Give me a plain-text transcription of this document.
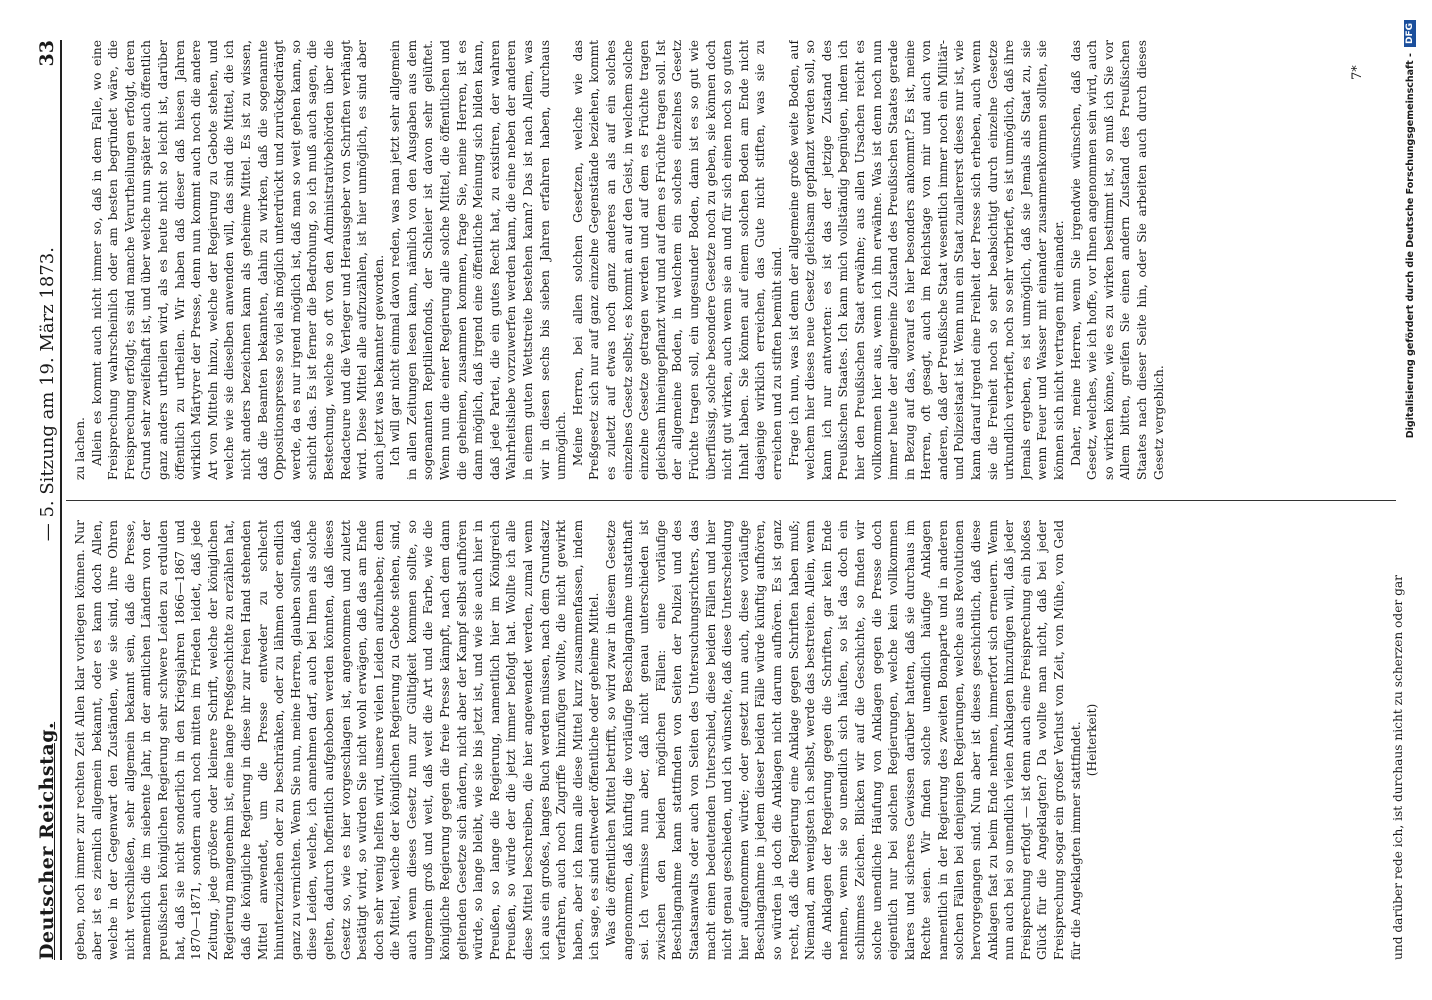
Deutscher Reichstag.
— 5. Sitzung am 19. März 1873.
33

geben, noch immer zur rechten Zeit Allen klar vorliegen können. Nur aber ist es ziemlich allgemein bekannt, oder es kann doch Allen, welche in der Gegenwart den Zuständen, wie sie sind, ihre Ohren nicht verschließen, sehr allgemein bekannt sein, daß die Presse, namentlich die im siebente Jahr, in der amtlichen Ländern von der preußischen königlichen Regierung sehr schwere Leiden zu erdulden hat, daß sie nicht sonderlich in den Kriegsjahren 1866—1867 und 1870—1871, sondern auch noch mitten im Frieden leidet, daß jede Zeitung, jede größere oder kleinere Schrift, welche der königlichen Regierung mangenehm ist, eine lange Preßgeschichte zu erzählen hat, daß die königliche Regierung in diese ihr zur freien Hand stehenden Mittel anwendet, um die Presse entweder zu schlecht hinunterzuziehen oder zu beschränken, oder zu lähmen oder endlich ganz zu vernichten. Wenn Sie nun, meine Herren, glauben sollten, daß diese Leiden, welche, ich annehmen darf, auch bei Ihnen als solche gelten, dadurch hoffentlich aufgehoben werden könnten, daß dieses Gesetz so, wie es hier vorgeschlagen ist, angenommen und zuletzt bestätigt wird, so würden Sie nicht wohl erwägen, daß das am Ende doch sehr wenig helfen wird, unsere vielen Leiden aufzuheben; denn die Mittel, welche der königlichen Regierung zu Gebote stehen, sind, auch wenn dieses Gesetz nun zur Gültigkeit kommen sollte, so ungemein groß und weit, daß weit die Art und die Farbe, wie die königliche Regierung gegen die freie Presse kämpft, nach dem dann geltenden Gesetze sich ändern, nicht aber der Kampf selbst aufhören würde, so lange bleibt, wie sie bis jetzt ist, und wie sie auch hier in Preußen, so lange die Regierung, namentlich hier im Königreich Preußen, so würde der die jetzt immer befolgt hat. Wollte ich alle diese Mittel beschreiben, die hier angewendet werden, zumal wenn ich aus ein großes, langes Buch werden müssen, nach dem Grundsatz verfahren, auch noch Zugriffe hinzufügen wollte, die nicht gewirkt haben, aber ich kann alle diese Mittel kurz zusammenfassen, indem ich sage, es sind entweder öffentliche oder geheime Mittel. Was die öffentlichen Mittel betrifft, so wird zwar in diesem Gesetze angenommen, daß künftig die vorläufige Beschlagnahme unstatthaft sei. Ich vermisse nun aber, daß nicht genau unterschieden ist zwischen den beiden möglichen Fällen: eine vorläufige Beschlagnahme kann stattfinden von Seiten der Polizei und des Staatsanwalts oder auch von Seiten des Untersuchungsrichters, das macht einen bedeutenden Unterschied, diese beiden Fällen und hier nicht genau geschieden, und ich wünschte, daß diese Unterscheidung hier aufgenommen würde; oder gesetzt nun auch, diese vorläufige Beschlagnahme in jedem dieser beiden Fälle würde künftig aufhören, so würden ja doch die Anklagen nicht darum aufhören. Es ist ganz recht, daß die Regierung eine Anklage gegen Schriften haben muß; Niemand, am wenigsten ich selbst, werde das bestreiten. Allein, wenn die Anklagen der Regierung gegen die Schriften, gar kein Ende nehmen, wenn sie so unendlich sich häufen, so ist das doch ein schlimmes Zeichen. Blicken wir auf die Geschichte, so finden wir solche unendliche Häufung von Anklagen gegen die Presse doch eigentlich nur bei solchen Regierungen, welche kein vollkommen klares und sicheres Gewissen darüber hatten, daß sie durchaus im Rechte seien. Wir finden solche unendlich häufige Anklagen namentlich in der Regierung des zweiten Bonaparte und in anderen solchen Fällen bei denjenigen Regierungen, welche aus Revolutionen hervorgegangen sind. Nun aber ist dieses geschichtlich, daß diese Anklagen fast zu beim Ende nehmen, immerfort sich erneuern. Wenn nun auch bei so unendlich vielen Anklagen hinzufügen will, daß jeder Freisprechung erfolgt — ist denn auch eine Freisprechung ein bloßes Glück für die Angeklagten? Da wollte man nicht, daß bei jeder Freisprechung sogar ein großer Verlust von Zeit, von Mühe, von Geld für die Angeklagten immer stattfindet. (Heiterkeit)	und darüber rede ich, ist durchaus nicht zu scherzen oder gar

zu lachen. Allein es kommt auch nicht immer so, daß in dem Falle, wo eine Freisprechung wahrscheinlich oder am besten begründet wäre, die Freisprechung erfolgt; es sind manche Verurtheilungen erfolgt, deren Grund sehr zweifelhaft ist, und über welche nun später auch öffentlich ganz anders urtheilen wird, als es heute nicht so leicht ist, darüber öffentlich zu urtheilen. Wir haben daß dieser daß hiesen Jahren wirklich Märtyrer der Presse, denn nun kommt auch noch die andere Art von Mitteln hinzu, welche der Regierung zu Gebote stehen, und welche wie sie dieselben anwenden will, das sind die Mittel, die ich nicht anders bezeichnen kann als geheime Mittel. Es ist zu wissen, daß die Beamten bekannten, dahin zu wirken, daß die sogenannte Oppositionspresse so viel als möglich unterdrückt und zurückgedrängt werde, da es nur irgend möglich ist, daß man so weit gehen kann, so schicht das. Es ist ferner die Bedrohung, so ich muß auch sagen, die Bestechung, welche so oft von den Administrativbehörden über die Redacteure und die Verleger und Herausgeber von Schriften verhängt wird. Diese Mittel alle aufzuzählen, ist hier unmöglich, es sind aber auch jetzt was bekannter geworden. Ich will gar nicht einmal davon reden, was man jetzt sehr allgemein in allen Zeitungen lesen kann, nämlich von den Ausgaben aus dem sogenannten Reptilienfonds, der Schleier ist davon sehr gelüftet. Wenn nun die einer Regierung alle solche Mittel, die öffentlichen und die geheimen, zusammen kommen, frage Sie, meine Herren, ist es dann möglich, daß irgend eine öffentliche Meinung sich bilden kann, daß jede Partei, die ein gutes Recht hat, zu existiren, der wahren Wahrheitsliebe vorzuwerfen werden kann, die eine neben der anderen in einem guten Wettstreite bestehen kann? Das ist nach Allem, was wir in diesen sechs bis sieben Jahren erfahren haben, durchaus unmöglich. Meine Herren, bei allen solchen Gesetzen, welche wie das Preßgesetz sich nur auf ganz einzelne Gegenstände beziehen, kommt es zuletzt auf etwas noch ganz anderes an als auf ein solches einzelnes Gesetz selbst; es kommt an auf den Geist, in welchem solche einzelne Gesetze getragen werden und auf dem es Früchte tragen gleichsam hineingepflanzt wird und auf dem es Früchte tragen soll. Ist der allgemeine Boden, in welchem ein solches einzelnes Gesetz Früchte tragen soll, ein ungesunder Boden, dann ist es so gut wie überflüssig, solche besondere Gesetze noch zu geben, sie können doch nicht gut wirken, auch wenn sie an und für sich einen noch so guten Inhalt haben. Sie können auf einem solchen Boden am Ende nicht dasjenige wirklich erreichen, das Gute nicht stiften, was sie zu erreichen und zu stiften bemüht sind. Frage ich nun, was ist denn der allgemeine große weite Boden, auf welchem hier dieses neue Gesetz gleichsam gepflanzt werden soll, so kann ich nur antworten: es ist das der jetzige Zustand des Preußischen Staates. Ich kann mich vollständig begnügen, indem ich hier den Preußischen Staat erwähne; aus allen Ursachen reicht es vollkommen hier aus, wenn ich ihn erwähne. Was ist denn noch nun immer heute der allgemeine Zustand des Preußischen Staates gerade in Bezug auf das, worauf es hier besonders ankommt? Es ist, meine Herren, oft gesagt, auch im Reichstage von mir und auch von anderen, daß der Preußische Staat wesentlich immer noch ein Militär- und Polizeistaat ist. Wenn nun ein Staat zuallererst dieses nur ist, wie kann darauf irgend eine Freiheit der Presse sich erheben, auch wenn sie die Freiheit noch so sehr beabsichtigt durch einzelne Gesetze urkundlich verbrieft, noch so sehr verbrieft, es ist unmöglich, daß ihre Jemals ergeben, es ist unmöglich, daß sie Jemals als Staat zu, sie wenn Feuer und Wasser mit einander zusammenkommen sollten, sie können sich nicht vertragen mit einander. Daher, meine Herren, wenn Sie irgendwie wünschen, daß das Gesetz, welches, wie ich hoffe, vor Ihnen angenommen sein wird, auch so wirken könne, wie es zu wirken bestimmt ist, so muß ich Sie vor Allem bitten, greifen Sie einen andern Zustand des Preußischen Staates nach dieser Seite hin, oder Sie arbeiten auch durch dieses Gesetz vergeblich.

7*	Digitalisierung gefördert durch die Deutsche Forschungsgemeinschaft -
DFG
